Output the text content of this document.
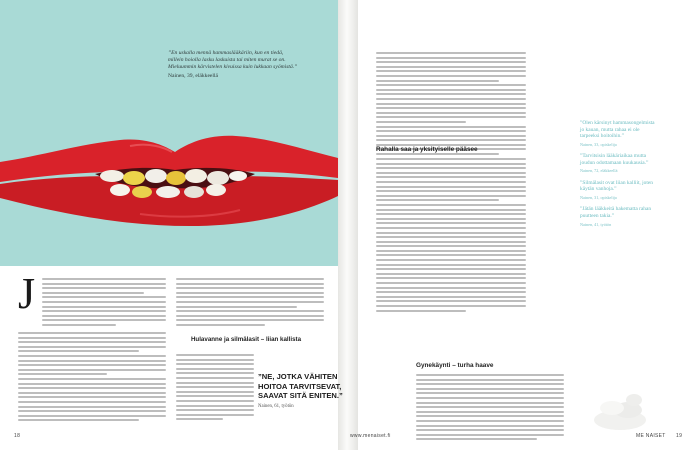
”En uskalla mennä hammaslääkäriin, kun en tiedä, millein hoiolla lasku laskuista tai miten murat se on. Mieluummin kärvistelen kivuissa kuin lukkaan syömistä.”
Nainen, 39, eläkkeellä
J
Hulavanne ja silmälasit – liian kallista
18
”NE, JOTKA VÄHITEN HOITOA TARVITSEVAT, SAAVAT SITÄ ENITEN.”
Nainen, 61, työtön
Rahalla saa ja yksityiselle pääsee
Gynekäynti – turha haave
www.menaiset.fi	ME NAISET 19
”Olen kärsinyt hammasongelmista jo kauan, mutta rahaa ei ole tarpeeksi hoitoihin.”
Nainen, 33, opiskelija
”Tarvitsisin lääkäriaikaa mutta joudun odottamaan kuukausia.”
Nainen, 72, eläkkeellä
”Silmälasit ovat liian kalliit, joten käytän vanhoja.”
Nainen, 31, opiskelija
”Jätän lääkkeitä hakematta rahan puutteen takia.”
Nainen, 41, työtön
